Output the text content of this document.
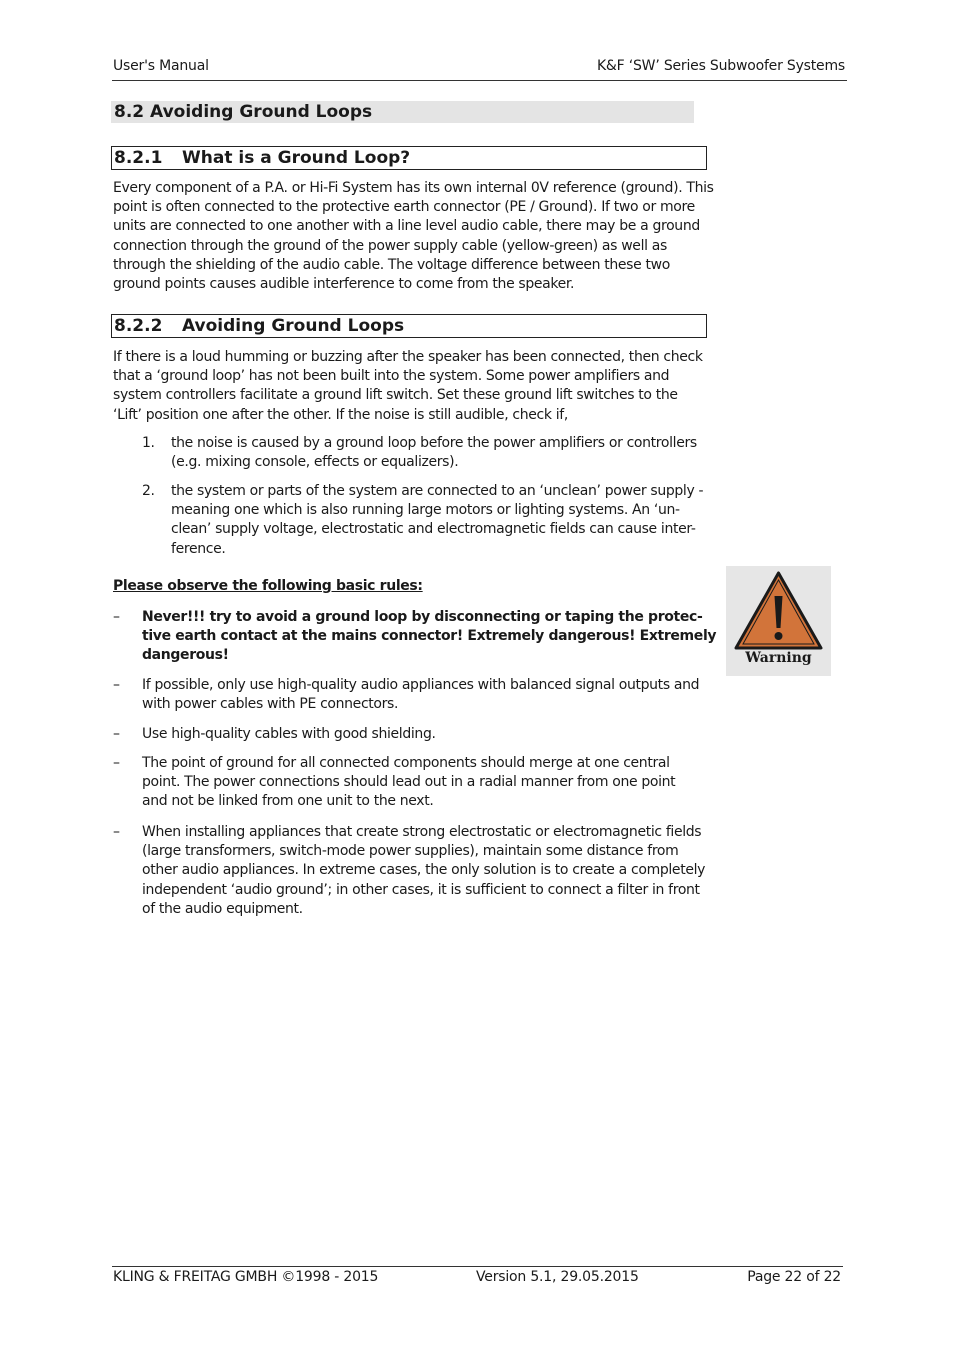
User's Manual	K&F ‘SW’ Series Subwoofer Systems
8.2 Avoiding Ground Loops
8.2.1 What is a Ground Loop?
Every component of a P.A. or Hi-Fi System has its own internal 0V reference (ground). This
point is often connected to the protective earth connector (PE / Ground). If two or more
units are connected to one another with a line level audio cable, there may be a ground
connection through the ground of the power supply cable (yellow-green) as well as
through the shielding of the audio cable. The voltage difference between these two
ground points causes audible interference to come from the speaker.
8.2.2 Avoiding Ground Loops
If there is a loud humming or buzzing after the speaker has been connected, then check
that a ‘ground loop’ has not been built into the system. Some power amplifiers and
system controllers facilitate a ground lift switch. Set these ground lift switches to the
‘Lift’ position one after the other. If the noise is still audible, check if,
1. the noise is caused by a ground loop before the power amplifiers or controllers
(e.g. mixing console, effects or equalizers).
2. the system or parts of the system are connected to an ‘unclean’ power supply -
meaning one which is also running large motors or lighting systems. An ‘un-
clean’ supply voltage, electrostatic and electromagnetic fields can cause inter-
ference.
Please observe the following basic rules:
– Never!!! try to avoid a ground loop by disconnecting or taping the protec-
tive earth contact at the mains connector! Extremely dangerous! Extremely
dangerous!
– If possible, only use high-quality audio appliances with balanced signal outputs and
with power cables with PE connectors.
– Use high-quality cables with good shielding.
– The point of ground for all connected components should merge at one central
point. The power connections should lead out in a radial manner from one point
and not be linked from one unit to the next.
– When installing appliances that create strong electrostatic or electromagnetic fields
(large transformers, switch-mode power supplies), maintain some distance from
other audio appliances. In extreme cases, the only solution is to create a completely
independent ‘audio ground’; in other cases, it is sufficient to connect a filter in front
of the audio equipment.
Warning
KLING & FREITAG GMBH ©1998 - 2015	Version 5.1, 29.05.2015	Page 22 of 22
